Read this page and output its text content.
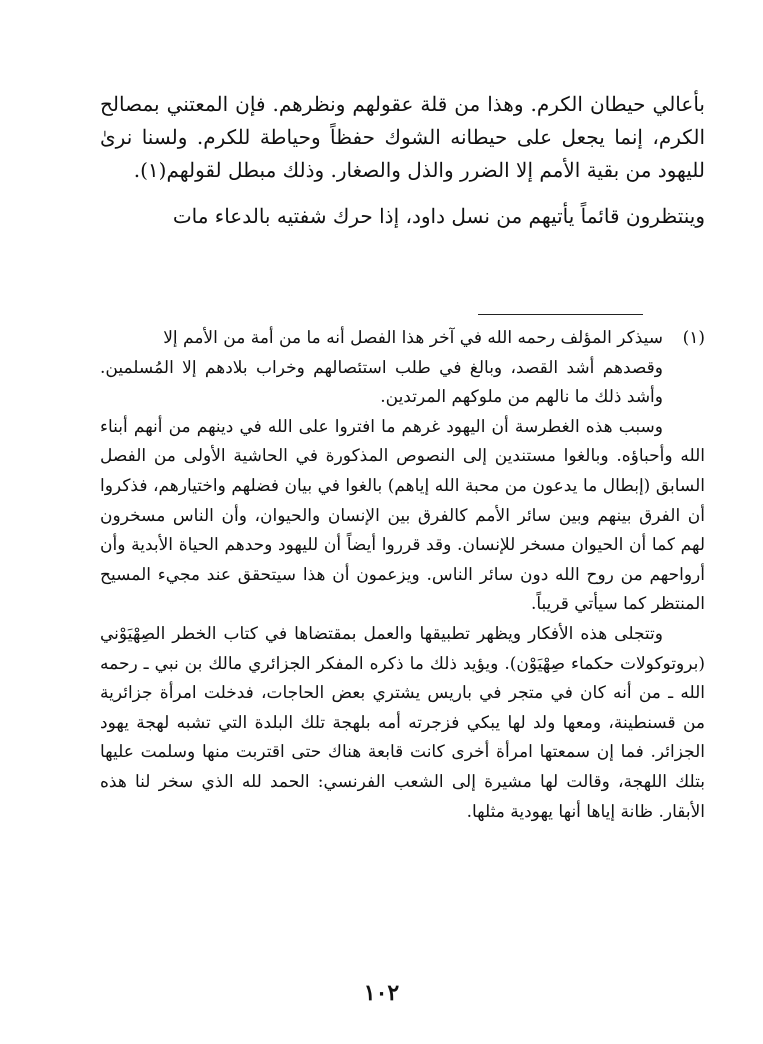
بأعالي حيطان الكرم. وهذا من قلة عقولهم ونظرهم. فإن المعتني بمصالح الكرم، إنما يجعل على حيطانه الشوك حفظاً وحياطة للكرم. ولسنا نرىٰ لليهود من بقية الأمم إلا الضرر والذل والصغار. وذلك مبطل لقولهم(١).

وينتظرون قائماً يأتيهم من نسل داود، إذا حرك شفتيه بالدعاء مات

(١)
سيذكر المؤلف رحمه الله في آخر هذا الفصل أنه ما من أمة من الأمم إلا

وقصدهم أشد القصد، وبالغ في طلب استئصالهم وخراب بلادهم إلا المُسلمين. وأشد ذلك ما نالهم من ملوكهم المرتدين.

وسبب هذه الغطرسة أن اليهود غرهم ما افتروا على الله في دينهم من أنهم أبناء الله وأحباؤه. وبالغوا مستندين إلى النصوص المذكورة في الحاشية الأولى من الفصل السابق (إبطال ما يدعون من محبة الله إياهم) بالغوا في بيان فضلهم واختيارهم، فذكروا أن الفرق بينهم وبين سائر الأمم كالفرق بين الإنسان والحيوان، وأن الناس مسخرون لهم كما أن الحيوان مسخر للإنسان. وقد قرروا أيضاً أن لليهود وحدهم الحياة الأبدية وأن أرواحهم من روح الله دون سائر الناس. ويزعمون أن هذا سيتحقق عند مجيء المسيح المنتظر كما سيأتي قريباً.

وتتجلى هذه الأفكار ويظهر تطبيقها والعمل بمقتضاها في كتاب الخطر الصِهْيَوْني (بروتوكولات حكماء صِهْيَوْن). ويؤيد ذلك ما ذكره المفكر الجزائري مالك بن نبي ـ رحمه الله ـ من أنه كان في متجر في باريس يشتري بعض الحاجات، فدخلت امرأة جزائرية من قسنطينة، ومعها ولد لها يبكي فزجرته أمه بلهجة تلك البلدة التي تشبه لهجة يهود الجزائر. فما إن سمعتها امرأة أخرى كانت قابعة هناك حتى اقتربت منها وسلمت عليها بتلك اللهجة، وقالت لها مشيرة إلى الشعب الفرنسي: الحمد لله الذي سخر لنا هذه الأبقار. ظانة إياها أنها يهودية مثلها.

١٠٢
